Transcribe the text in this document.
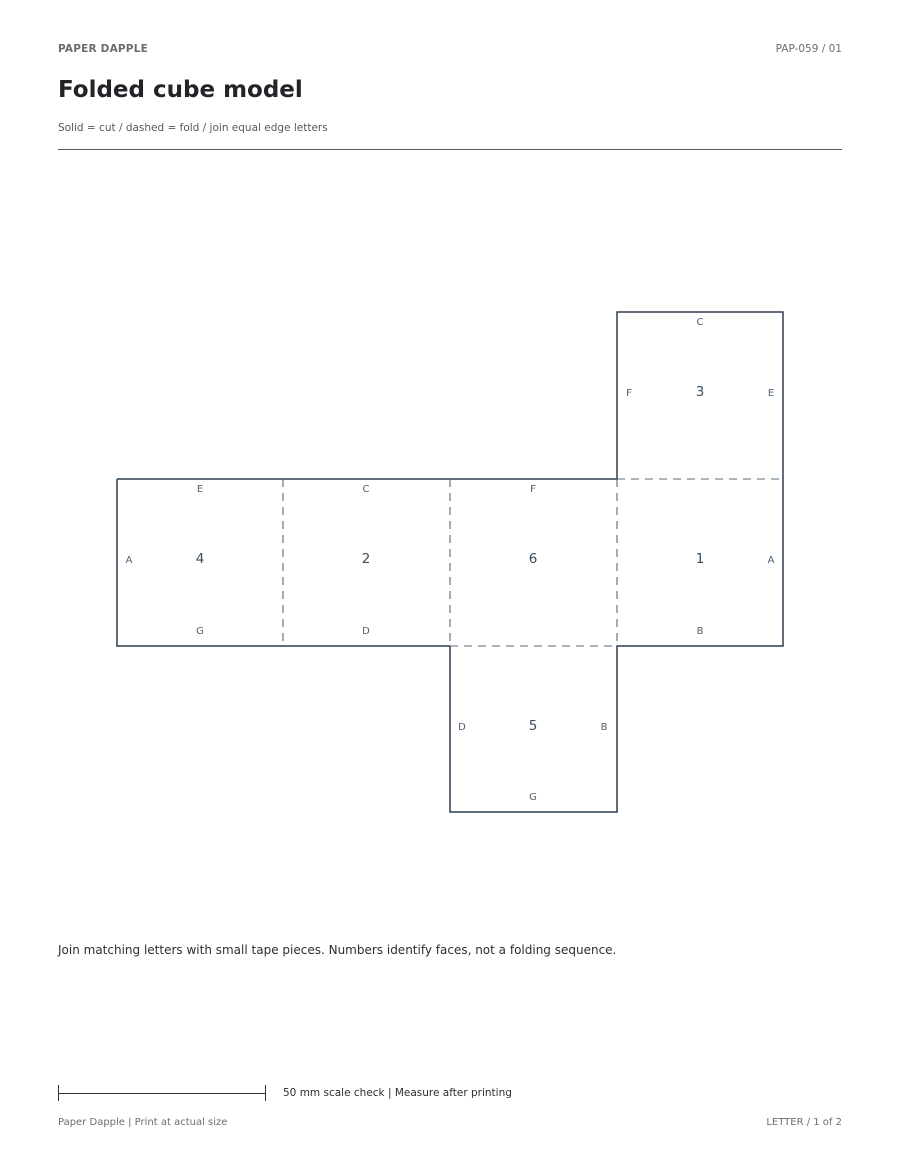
PAPER DAPPLE	PAP-059 / 01
Folded cube model
Solid = cut / dashed = fold / join equal edge letters
4
E
G
A	2
C
D
6
F
1
B
A
3
C
F	E
5
G
D	B
Join matching letters with small tape pieces. Numbers identify faces, not a folding sequence.
50 mm scale check | Measure after printing
Paper Dapple | Print at actual size	LETTER / 1 of 2
